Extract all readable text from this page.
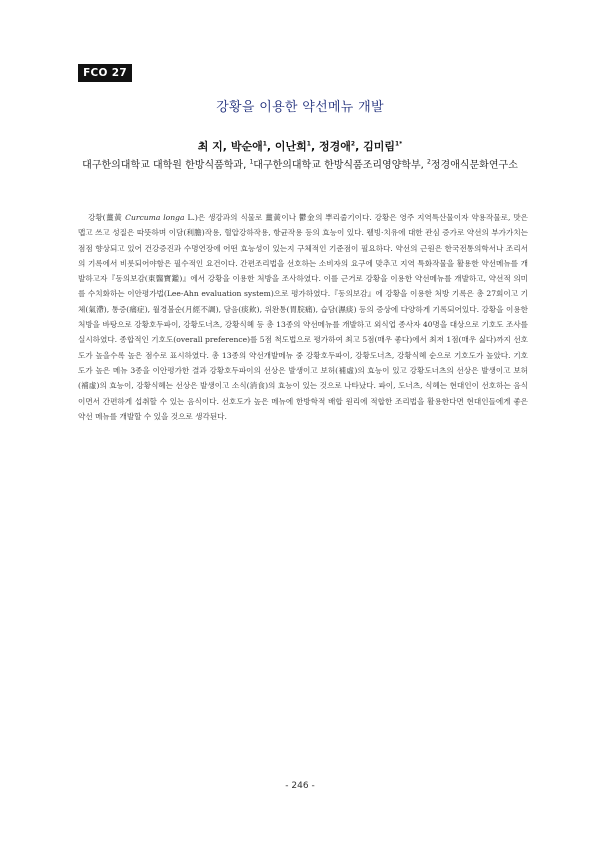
FCO 27
강황을 이용한 약선메뉴 개발
최 지, 박순애$^1$, 이난희$^1$, 정경애$^2$, 김미림$^{1*}$
대구한의대학교 대학원 한방식품학과, $^1$대구한의대학교 한방식품조리영양학부, $^2$정경애식문화연구소

강황(薑黃 Curcuma longa L.)은 생강과의 식물로 薑黃이나 鬱金의 뿌리줄기이다. 강황은 영주 지역특산물이자 약용작물로, 맛은 맵고 쓰고 성질은 따뜻하며 이담(利膽)작용, 혈압강하작용, 항균작용 등의 효능이 있다. 웰빙·치유에 대한 관심 증가로 약선의 부가가치는 점점 향상되고 있어 건강증진과 수명연장에 어떤 효능성이 있는지 구체적인 기준점이 필요하다. 약선의 근원은 한국전통의학서나 조리서의 기록에서 비롯되어야함은 필수적인 요건이다. 간편조리법을 선호하는 소비자의 요구에 맞추고 지역 특화작물을 활용한 약선메뉴를 개발하고자『동의보감(東醫寶鑑)』에서 강황을 이용한 처방을 조사하였다. 이를 근거로 강황을 이용한 약선메뉴를 개발하고, 약선적 의미를 수치화하는 이안평가법(Lee-Ahn evaluation system)으로 평가하였다.『동의보감』에 강황을 이용한 처방 기록은 총 27회이고 기체(氣滯), 통증(痛症), 월경불순(月經不調), 담음(痰飮), 위완통(胃脘痛), 습담(濕痰) 등의 증상에 다양하게 기록되어있다. 강황을 이용한 처방을 바탕으로 강황호두파이, 강황도너츠, 강황식혜 등 총 13종의 약선메뉴를 개발하고 외식업 종사자 40명을 대상으로 기호도 조사를 실시하였다. 종합적인 기호도(overall preference)를 5점 척도법으로 평가하여 최고 5점(매우 좋다)에서 최저 1점(매우 싫다)까지 선호도가 높을수록 높은 점수로 표시하였다. 총 13종의 약선개발메뉴 중 강황호두파이, 강황도너츠, 강황식혜 순으로 기호도가 높았다. 기호도가 높은 메뉴 3종을 이안평가한 결과 강황호두파이의 선상은 발생이고 보허(補虛)의 효능이 있고 강황도너츠의 선상은 발생이고 보허(補虛)의 효능이, 강황식혜는 선상은 발생이고 소식(消食)의 효능이 있는 것으로 나타났다. 파이, 도너츠, 식혜는 현대인이 선호하는 음식이면서 간편하게 섭취할 수 있는 음식이다. 선호도가 높은 메뉴에 한방학적 배합 원리에 적합한 조리법을 활용한다면 현대인들에게 좋은 약선 메뉴를 개발할 수 있을 것으로 생각된다.

- 246 -
